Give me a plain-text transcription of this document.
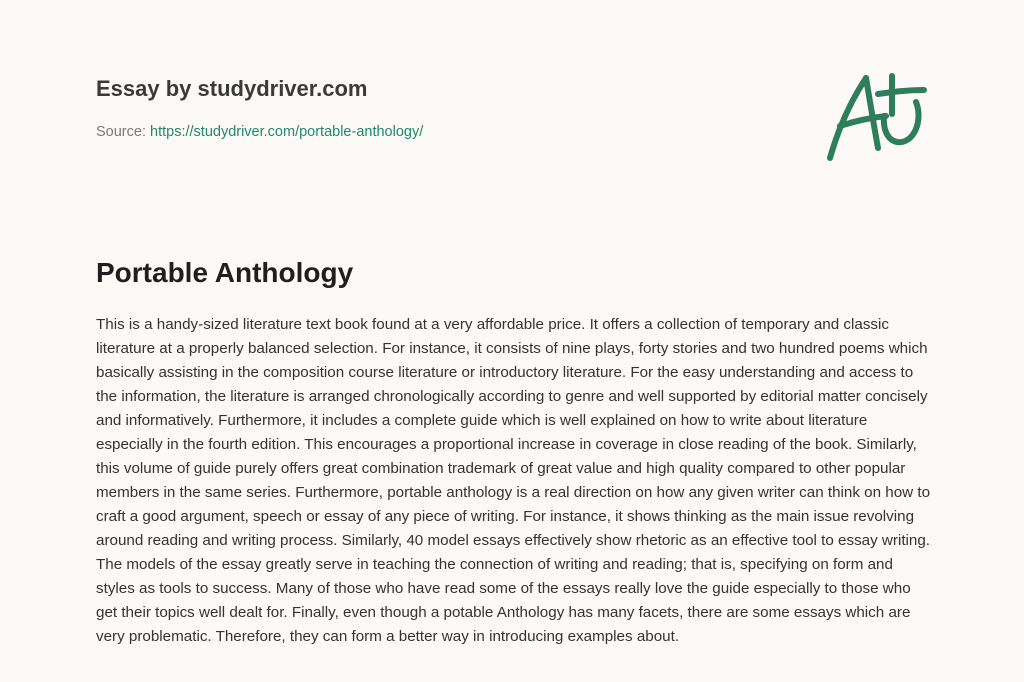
Essay by studydriver.com
Source: https://studydriver.com/portable-anthology/
Portable Anthology

This is a handy-sized literature text book found at a very affordable price. It offers a collection of temporary and classic literature at a properly balanced selection. For instance, it consists of nine plays, forty stories and two hundred poems which basically assisting in the composition course literature or introductory literature. For the easy understanding and access to the information, the literature is arranged chronologically according to genre and well supported by editorial matter concisely and informatively. Furthermore, it includes a complete guide which is well explained on how to write about literature especially in the fourth edition. This encourages a proportional increase in coverage in close reading of the book. Similarly, this volume of guide purely offers great combination trademark of great value and high quality compared to other popular members in the same series. Furthermore, portable anthology is a real direction on how any given writer can think on how to craft a good argument, speech or essay of any piece of writing. For instance, it shows thinking as the main issue revolving around reading and writing process. Similarly, 40 model essays effectively show rhetoric as an effective tool to essay writing. The models of the essay greatly serve in teaching the connection of writing and reading; that is, specifying on form and styles as tools to success. Many of those who have read some of the essays really love the guide especially to those who get their topics well dealt for. Finally, even though a potable Anthology has many facets, there are some essays which are very problematic. Therefore, they can form a better way in introducing examples about.
